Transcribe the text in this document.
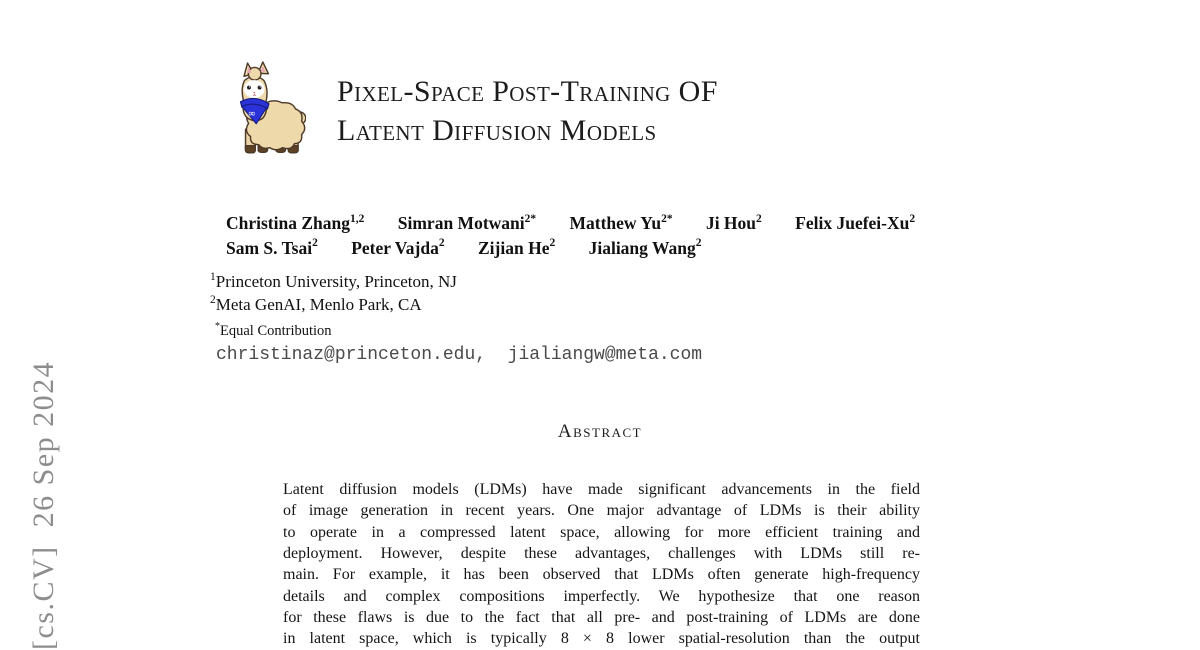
[cs.CV]  26 Sep 2024
∞
Pixel-Space Post-Training OF
Latent Diffusion Models
Christina Zhang$^{1,2}$ Simran Motwani$^{2*}$ Matthew $Yu^{2*}$ Ji Hou$^2$ Felix Juefei-Xu$^2$
Sam S. Tsai$^2$ Peter Vajda$^2$ Zijian He$^2$ Jialiang Wang$^2$
$^1$Princeton University, Princeton, NJ
$^2$Meta GenAI, Menlo Park, CA
*Equal Contribution
christinaz@princeton.edu,  jialiangw@meta.com
Abstract
Latent diffusion models (LDMs) have made significant advancements in the field
of image generation in recent years. One major advantage of LDMs is their ability
to operate in a compressed latent space, allowing for more efficient training and
deployment. However, despite these advantages, challenges with LDMs still re-
main. For example, it has been observed that LDMs often generate high-frequency
details and complex compositions imperfectly. We hypothesize that one reason
for these flaws is due to the fact that all pre- and post-training of LDMs are done
in latent space, which is typically 8 × 8 lower spatial-resolution than the output
